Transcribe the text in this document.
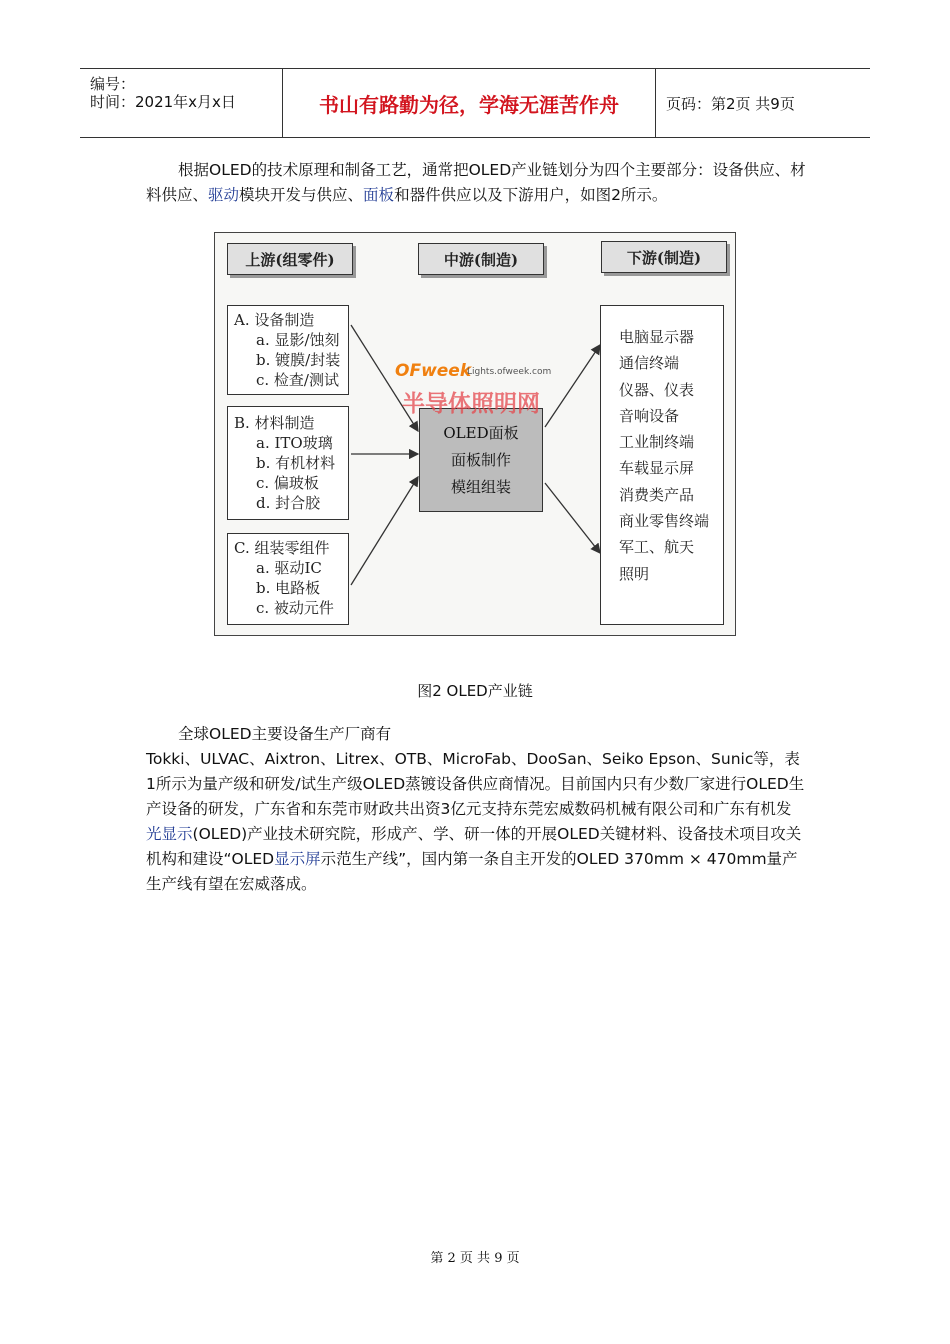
编号：
时间：2021年x月x日	书山有路勤为径，学海无涯苦作舟	页码：第2页 共9页
根据OLED的技术原理和制备工艺，通常把OLED产业链划分为四个主要部分：设备供应、材料供应、驱动模块开发与供应、面板和器件供应以及下游用户，如图2所示。
上游(组零件)	中游(制造)	下游(制造)
A. 设备制造
a. 显影/蚀刻
b. 镀膜/封装
c. 检查/测试
B. 材料制造
a. ITO玻璃
b. 有机材料
c. 偏玻板
d. 封合胶
C. 组装零组件
a. 驱动IC
b. 电路板
c. 被动元件
OLED面板
面板制作
模组组装
电脑显示器
通信终端
仪器、仪表
音响设备
工业制终端
车载显示屏
消费类产品
商业零售终端
军工、航天
照明
OFweek
Lights.ofweek.com
半导体照明网
图2 OLED产业链
全球OLED主要设备生产厂商有
Tokki、ULVAC、Aixtron、Litrex、OTB、MicroFab、DooSan、Seiko Epson、Sunic等，表1所示为量产级和研发/试生产级OLED蒸镀设备供应商情况。目前国内只有少数厂家进行OLED生产设备的研发，广东省和东莞市财政共出资3亿元支持东莞宏威数码机械有限公司和广东有机发光显示(OLED)产业技术研究院，形成产、学、研一体的开展OLED关键材料、设备技术项目攻关机构和建设“OLED显示屏示范生产线”，国内第一条自主开发的OLED 370mm × 470mm量产生产线有望在宏威落成。
第 2 页 共 9 页
